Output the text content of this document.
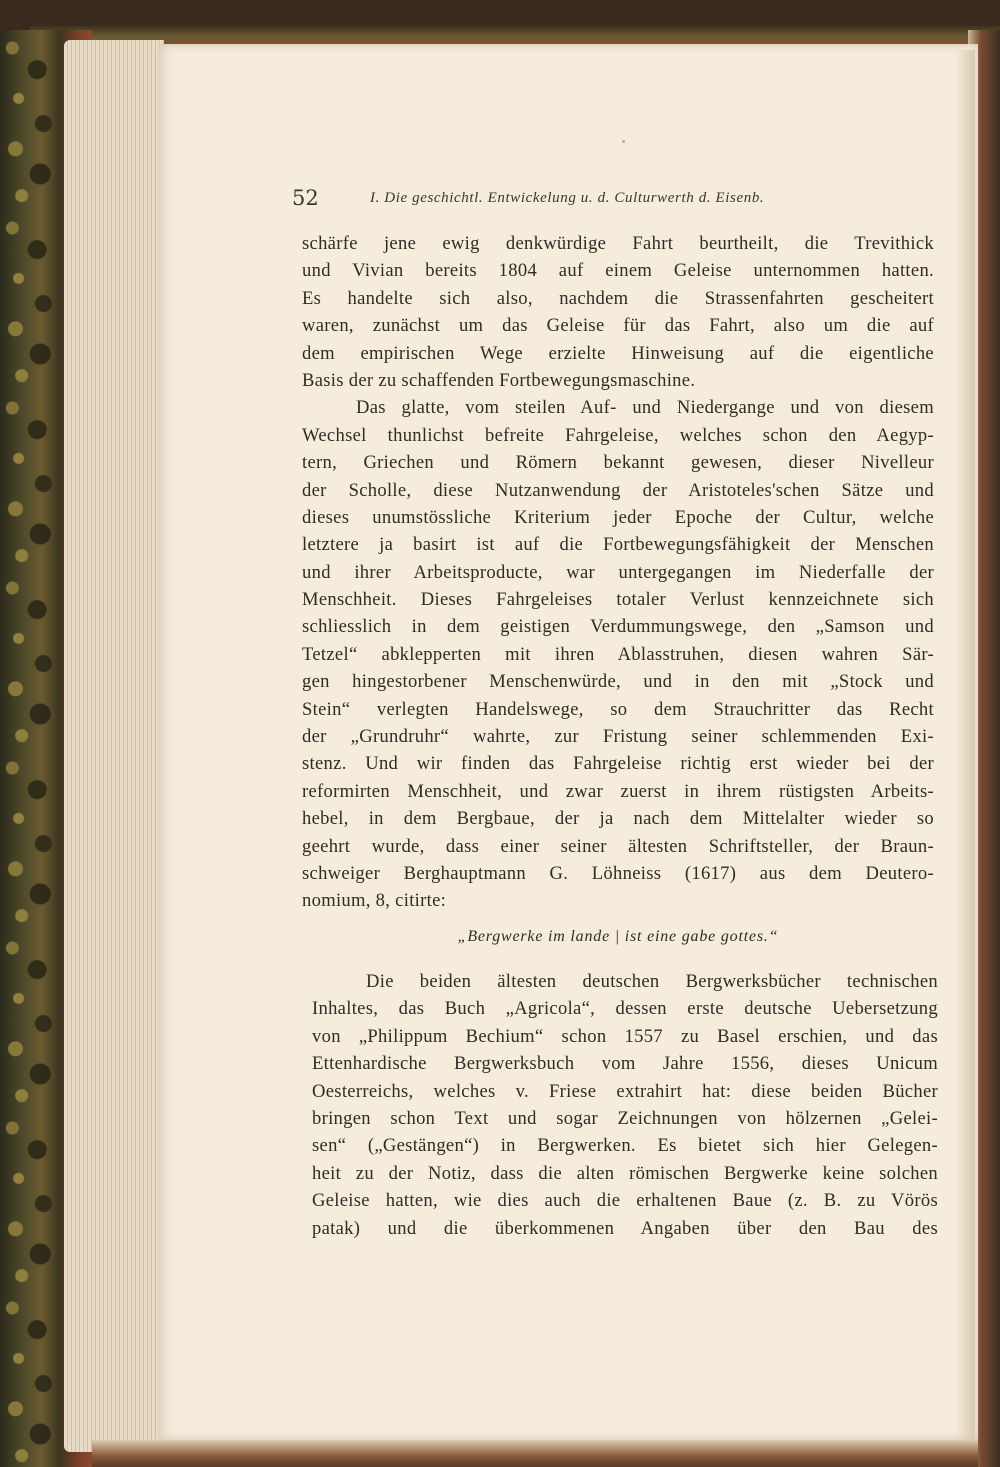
52	I. Die geschichtl. Entwickelung u. d. Culturwerth d. Eisenb.
schärfe jene ewig denkwürdige Fahrt beurtheilt, die Trevithick
und Vivian bereits 1804 auf einem Geleise unternommen hatten.
Es handelte sich also, nachdem die Strassenfahrten gescheitert
waren, zunächst um das Geleise für das Fahrt, also um die auf
dem empirischen Wege erzielte Hinweisung auf die eigentliche
Basis der zu schaffenden Fortbewegungsmaschine.
Das glatte, vom steilen Auf- und Niedergange und von diesem
Wechsel thunlichst befreite Fahrgeleise, welches schon den Aegyp-
tern, Griechen und Römern bekannt gewesen, dieser Nivelleur
der Scholle, diese Nutzanwendung der Aristoteles'schen Sätze und
dieses unumstössliche Kriterium jeder Epoche der Cultur, welche
letztere ja basirt ist auf die Fortbewegungsfähigkeit der Menschen
und ihrer Arbeitsproducte, war untergegangen im Niederfalle der
Menschheit. Dieses Fahrgeleises totaler Verlust kennzeichnete sich
schliesslich in dem geistigen Verdummungswege, den „Samson und
Tetzel“ abklepperten mit ihren Ablasstruhen, diesen wahren Sär-
gen hingestorbener Menschenwürde, und in den mit „Stock und
Stein“ verlegten Handelswege, so dem Strauchritter das Recht
der „Grundruhr“ wahrte, zur Fristung seiner schlemmenden Exi-
stenz. Und wir finden das Fahrgeleise richtig erst wieder bei der
reformirten Menschheit, und zwar zuerst in ihrem rüstigsten Arbeits-
hebel, in dem Bergbaue, der ja nach dem Mittelalter wieder so
geehrt wurde, dass einer seiner ältesten Schriftsteller, der Braun-
schweiger Berghauptmann G. Löhneiss (1617) aus dem Deutero-
nomium, 8, citirte:
„Bergwerke im lande | ist eine gabe gottes.“
Die beiden ältesten deutschen Bergwerksbücher technischen
Inhaltes, das Buch „Agricola“, dessen erste deutsche Uebersetzung
von „Philippum Bechium“ schon 1557 zu Basel erschien, und das
Ettenhardische Bergwerksbuch vom Jahre 1556, dieses Unicum
Oesterreichs, welches v. Friese extrahirt hat: diese beiden Bücher
bringen schon Text und sogar Zeichnungen von hölzernen „Gelei-
sen“ („Gestängen“) in Bergwerken. Es bietet sich hier Gelegen-
heit zu der Notiz, dass die alten römischen Bergwerke keine solchen
Geleise hatten, wie dies auch die erhaltenen Baue (z. B. zu Vörös
patak) und die überkommenen Angaben über den Bau des
